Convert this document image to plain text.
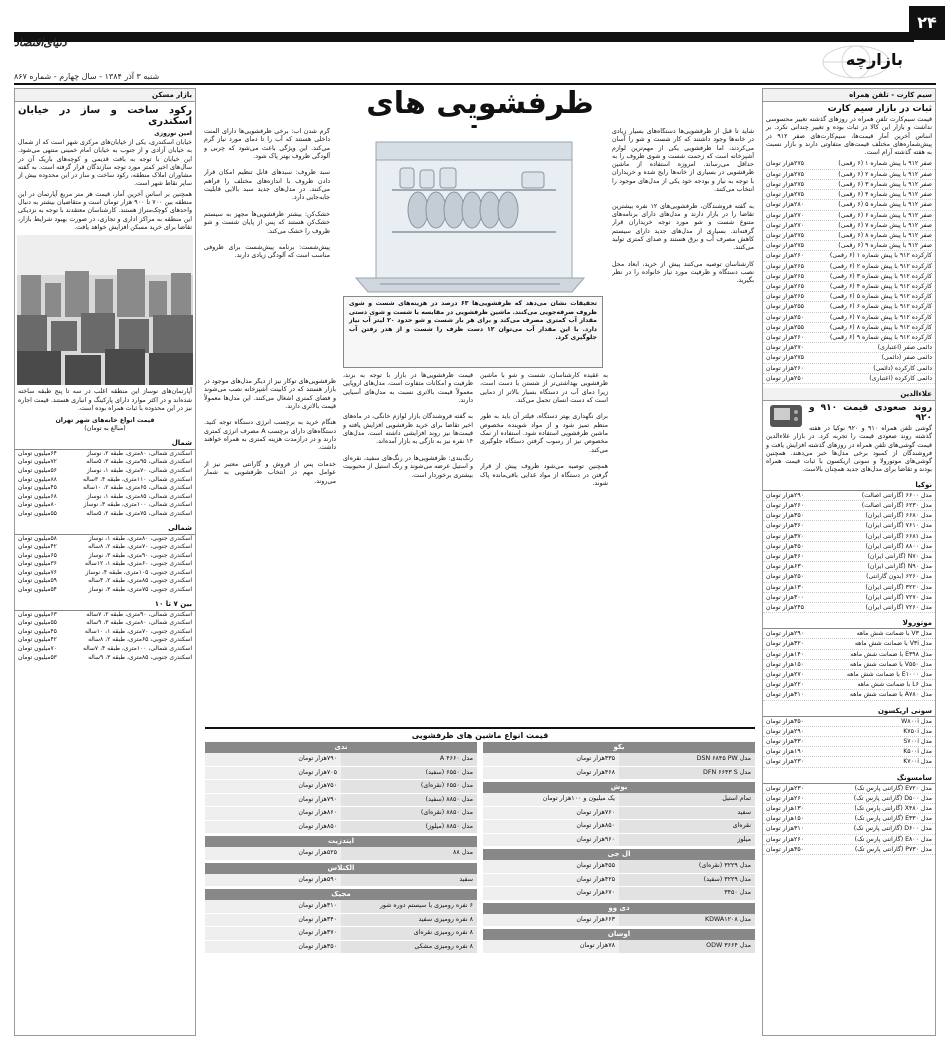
۲۴
دنیای‌اقتصاد
بازارچه
شنبه ۳ آذر ۱۳۸۴ - سال چهارم - شماره ۸۶۷
سیم کارت - تلفن همراه
ثبات در بازار سیم کارت

قیمت سیم‌کارت تلفن همراه در روزهای گذشته تغییر محسوسی نداشت و بازار این کالا در ثبات بوده و تغییر چندانی نکرد. بر اساس آخرین آمار قیمت‌ها، سیم‌کارت‌های صفر ۹۱۲ در پیش‌شماره‌های مختلف قیمت‌های متفاوتی دارند و بازار نسبت به هفته گذشته آرام است.

صفر ۹۱۲ با پیش شماره ۱ (۶ رقمی)
۲۷۵هزار تومان
صفر ۹۱۲ با پیش شماره ۲ (۶ رقمی)
۲۷۵هزار تومان
صفر ۹۱۲ با پیش شماره ۳ (۶ رقمی)
۲۷۵هزار تومان
صفر ۹۱۲ با پیش شماره ۴ (۶ رقمی)
۲۷۵هزار تومان
صفر ۹۱۲ با پیش شماره ۵ (۶ رقمی)
۲۸۰هزار تومان
صفر ۹۱۲ با پیش شماره ۶ (۶ رقمی)
۲۷۰هزار تومان
صفر ۹۱۲ با پیش شماره ۷ (۶ رقمی)
۲۷۰هزار تومان
صفر ۹۱۲ با پیش شماره ۸ (۶ رقمی)
۲۷۵هزار تومان
صفر ۹۱۲ با پیش شماره ۹ (۶ رقمی)
۲۷۵هزار تومان
کارکرده ۹۱۲ با پیش شماره ۱ (۶ رقمی)
۲۶۰هزار تومان
کارکرده ۹۱۲ با پیش شماره ۲ (۶ رقمی)
۲۶۵هزار تومان
کارکرده ۹۱۲ با پیش شماره ۳ (۶ رقمی)
۲۶۵هزار تومان
کارکرده ۹۱۲ با پیش شماره ۴ (۶ رقمی)
۲۶۵هزار تومان
کارکرده ۹۱۲ با پیش شماره ۵ (۶ رقمی)
۲۶۵هزار تومان
کارکرده ۹۱۲ با پیش شماره ۶ (۶ رقمی)
۲۵۵هزار تومان
کارکرده ۹۱۲ با پیش شماره ۷ (۶ رقمی)
۲۵۰هزار تومان
کارکرده ۹۱۲ با پیش شماره ۸ (۶ رقمی)
۲۵۵هزار تومان
کارکرده ۹۱۲ با پیش شماره ۹ (۶ رقمی)
۲۶۰هزار تومان
دائمی صفر (اعتباری)
۲۷۰هزار تومان
دائمی صفر (دائمی)
۲۷۵هزار تومان
دائمی کارکرده (دائمی)
۲۶۰هزار تومان
دائمی کارکرده (اعتباری)
۲۵۰هزار تومان
علاءالدین
روند صعودی قیمت ۹۱۰ و ۹۲۰

گوشی تلفن همراه ۹۱۰ و ۹۲۰ نوکیا در هفته گذشته روند صعودی قیمت را تجربه کرد. در بازار علاءالدین قیمت گوشی‌های تلفن همراه در روزهای گذشته افزایش یافت و فروشندگان از کمبود برخی مدل‌ها خبر می‌دهند. همچنین گوشی‌های موتورولا و سونی اریکسون با ثبات قیمت همراه بودند و تقاضا برای مدل‌های جدید همچنان بالاست.

نوکیا
مدل ۶۶۰۰ (گارانتی اصالت)
۲۹۰هزار تومان
مدل ۶۲۳۰ (گارانتی اصالت)
۲۶۰هزار تومان
مدل ۶۶۸۰ (گارانتی ایران)
۳۵۰هزار تومان
مدل ۷۶۱۰ (گارانتی ایران)
۳۶۰هزار تومان
مدل ۶۶۸۱ (گارانتی ایران)
۳۷۰هزار تومان
مدل ۸۸۰۰ (گارانتی ایران)
۴۵۰هزار تومان
مدل N۷۰ (گارانتی ایران)
۴۶۰هزار تومان
مدل N۹۰ (گارانتی ایران)
۶۳۰هزار تومان
مدل ۶۲۶۰ (بدون گارانتی)
۲۵۰هزار تومان
مدل ۳۲۲۰ (گارانتی ایران)
۱۳۰هزار تومان
مدل ۷۲۷۰ (گارانتی ایران)
۳۰۰هزار تومان
مدل ۷۲۶۰ (گارانتی ایران)
۲۴۵هزار تومان
موتورولا
مدل V۳ با ضمانت شش ماهه
۲۹۰هزار تومان
مدل V۳i با ضمانت شش ماهه
۳۲۰هزار تومان
مدل E۳۹۸ با ضمانت شش ماهه
۱۴۰هزار تومان
مدل V۵۵۰ با ضمانت شش ماهه
۱۵۰هزار تومان
مدل E۱۰۰۰ با ضمانت شش ماهه
۲۷۰هزار تومان
مدل L۶ با ضمانت شش ماهه
۲۲۰هزار تومان
مدل A۷۸۰ با ضمانت شش ماهه
۳۱۰هزار تومان
سونی اریکسون
مدل W۸۰۰i
۳۵۰هزار تومان
مدل K۷۵۰i
۲۹۰هزار تومان
مدل S۷۰۰i
۳۳۰هزار تومان
مدل K۵۰۰i
۱۹۰هزار تومان
مدل K۷۰۰i
۲۳۰هزار تومان
سامسونگ
مدل E۷۲۰ (گارانتی پارس تک)
۲۳۰هزار تومان
مدل D۵۰۰ (گارانتی پارس تک)
۲۶۰هزار تومان
مدل X۴۸۰ (گارانتی پارس تک)
۱۳۰هزار تومان
مدل E۳۳۰ (گارانتی پارس تک)
۱۵۰هزار تومان
مدل D۶۰۰ (گارانتی پارس تک)
۳۱۰هزار تومان
مدل E۸۰۰ (گارانتی پارس تک)
۲۶۰هزار تومان
مدل P۷۳۰ (گارانتی پارس تک)
۳۵۰هزار تومان
بازار مسکن
رکود ساخت و ساز در خیابان اسکندری
امین نوروزی

خیابان اسکندری، یکی از خیابان‌های مرکزی شهر است که از شمال به خیابان آزادی و از جنوب به خیابان امام خمینی منتهی می‌شود. این خیابان با توجه به بافت قدیمی و کوچه‌های باریک آن در سال‌های اخیر کمتر مورد توجه سازندگان قرار گرفته است. به گفته مشاوران املاک منطقه، رکود ساخت و ساز در این محدوده بیش از سایر نقاط شهر است.

همچنین بر اساس آخرین آمار، قیمت هر متر مربع آپارتمان در این منطقه بین ۷۰۰ تا ۹۰۰ هزار تومان است و متقاضیان بیشتر به دنبال واحدهای کوچک‌متراژ هستند. کارشناسان معتقدند با توجه به نزدیکی این منطقه به مراکز اداری و تجاری، در صورت بهبود شرایط بازار، تقاضا برای خرید مسکن افزایش خواهد یافت.

آپارتمان‌های نوساز این منطقه اغلب در سه تا پنج طبقه ساخته شده‌اند و در اکثر موارد دارای پارکینگ و انباری هستند. قیمت اجاره نیز در این محدوده با ثبات همراه بوده است.

قیمت انواع خانه‌های شهر تهران
(مبالغ به تومان)
شمال
اسکندری شمالی، ۸۰متری، طبقه ۲، نوساز
۶۴میلیون تومان
اسکندری شمالی، ۹۵متری، طبقه ۳، ۵ساله
۷۲میلیون تومان
اسکندری شمالی، ۷۰متری، طبقه ۱، نوساز
۵۶میلیون تومان
اسکندری شمالی، ۱۱۰متری، طبقه ۴، ۳ساله
۸۸میلیون تومان
اسکندری شمالی، ۶۵متری، طبقه ۲، ۱۰ساله
۴۵میلیون تومان
اسکندری شمالی، ۸۵متری، طبقه ۱، نوساز
۶۸میلیون تومان
اسکندری شمالی، ۱۰۰متری، طبقه ۳، نوساز
۸۰میلیون تومان
اسکندری شمالی، ۷۵متری، طبقه ۲، ۵ساله
۵۵میلیون تومان
شمالی
اسکندری جنوبی، ۸۰متری، طبقه ۱، نوساز
۵۸میلیون تومان
اسکندری جنوبی، ۷۰متری، طبقه ۲، ۸ساله
۴۲میلیون تومان
اسکندری جنوبی، ۹۰متری، طبقه ۳، نوساز
۶۵میلیون تومان
اسکندری جنوبی، ۶۰متری، طبقه ۱، ۱۲ساله
۳۶میلیون تومان
اسکندری جنوبی، ۱۰۵متری، طبقه ۴، نوساز
۷۶میلیون تومان
اسکندری جنوبی، ۸۵متری، طبقه ۲، ۴ساله
۵۹میلیون تومان
اسکندری جنوبی، ۷۵متری، طبقه ۳، نوساز
۵۴میلیون تومان
بین ۷ تا ۱۰
اسکندری شمالی، ۹۰متری، طبقه ۲، ۷ساله
۶۳میلیون تومان
اسکندری شمالی، ۸۰متری، طبقه ۳، ۹ساله
۵۵میلیون تومان
اسکندری جنوبی، ۷۰متری، طبقه ۱، ۱۰ساله
۴۵میلیون تومان
اسکندری جنوبی، ۶۵متری، طبقه ۲، ۸ساله
۴۲میلیون تومان
اسکندری شمالی، ۱۰۰متری، طبقه ۴، ۷ساله
۷۰میلیون تومان
اسکندری جنوبی، ۸۵متری، طبقه ۳، ۹ساله
۵۳میلیون تومان
ظرفشویی های
تحقیقات نشان می‌دهد که ظرفشویی‌ها ۶۳ درصد در هزینه‌های شست و شوی ظروف صرفه‌جویی می‌کنند. ماشین ظرفشویی در مقایسه با شست و شوی دستی مقدار آب کمتری مصرف می‌کند و برای هر بار شست و شو حدود ۲۰ لیتر آب نیاز دارد. با این مقدار آب می‌توان ۱۲ دست ظرف را شست و از هدر رفتن آب جلوگیری کرد.
شاید تا قبل از ظرفشویی‌ها دستگاه‌های بسیار زیادی در خانه‌ها وجود داشتند که کار شست و شو را آسان می‌کردند، اما ظرفشویی یکی از مهم‌ترین لوازم آشپزخانه است که زحمت شست و شوی ظروف را به حداقل می‌رساند. امروزه استفاده از ماشین ظرفشویی در بسیاری از خانه‌ها رایج شده و خریداران با توجه به نیاز و بودجه خود یکی از مدل‌های موجود را انتخاب می‌کنند.

به گفته فروشندگان، ظرفشویی‌های ۱۲ نفره بیشترین تقاضا را در بازار دارند و مدل‌های دارای برنامه‌های متنوع شست و شو مورد توجه خریداران قرار گرفته‌اند. بسیاری از مدل‌های جدید دارای سیستم کاهش مصرف آب و برق هستند و صدای کمتری تولید می‌کنند.

کارشناسان توصیه می‌کنند پیش از خرید، ابعاد محل نصب دستگاه و ظرفیت مورد نیاز خانواده را در نظر بگیرید.
گرم شدن آب: برخی ظرفشویی‌ها دارای المنت داخلی هستند که آب را تا دمای مورد نیاز گرم می‌کند. این ویژگی باعث می‌شود که چربی و آلودگی ظروف بهتر پاک شود.

سبد ظروف: سبدهای قابل تنظیم امکان قرار دادن ظروف با اندازه‌های مختلف را فراهم می‌کنند. در مدل‌های جدید سبد بالایی قابلیت جابه‌جایی دارد.

خشک‌کن: بیشتر ظرفشویی‌ها مجهز به سیستم خشک‌کن هستند که پس از پایان شست و شو ظروف را خشک می‌کند.

پیش‌شست: برنامه پیش‌شست برای ظروفی مناسب است که آلودگی زیادی دارند.
به عقیده کارشناسان، شست و شو با ماشین ظرفشویی بهداشتی‌تر از شستن با دست است، زیرا دمای آب در دستگاه بسیار بالاتر از دمایی است که دست انسان تحمل می‌کند.

برای نگهداری بهتر دستگاه، فیلتر آن باید به طور منظم تمیز شود و از مواد شوینده مخصوص ماشین ظرفشویی استفاده شود. استفاده از نمک مخصوص نیز از رسوب گرفتن دستگاه جلوگیری می‌کند.

همچنین توصیه می‌شود ظروف پیش از قرار گرفتن در دستگاه از مواد غذایی باقی‌مانده پاک شوند.
قیمت ظرفشویی‌ها در بازار با توجه به برند، ظرفیت و امکانات متفاوت است. مدل‌های اروپایی معمولاً قیمت بالاتری نسبت به مدل‌های آسیایی دارند.

به گفته فروشندگان بازار لوازم خانگی، در ماه‌های اخیر تقاضا برای خرید ظرفشویی افزایش یافته و قیمت‌ها نیز روند افزایشی داشته است. مدل‌های ۱۴ نفره نیز به تازگی به بازار آمده‌اند.

رنگ‌بندی: ظرفشویی‌ها در رنگ‌های سفید، نقره‌ای و استیل عرضه می‌شوند و رنگ استیل از محبوبیت بیشتری برخوردار است.
ظرفشویی‌های توکار نیز از دیگر مدل‌های موجود در بازار هستند که در کابینت آشپزخانه نصب می‌شوند و فضای کمتری اشغال می‌کنند. این مدل‌ها معمولاً قیمت بالاتری دارند.

هنگام خرید به برچسب انرژی دستگاه توجه کنید. دستگاه‌های دارای برچسب A مصرف انرژی کمتری دارند و در درازمدت هزینه کمتری به همراه خواهند داشت.

خدمات پس از فروش و گارانتی معتبر نیز از عوامل مهم در انتخاب ظرفشویی به شمار می‌روند.
قیمت انواع ماشین های ظرفشویی
بکو
مدل DSN ۶۸۴۵ PW
۳۳۵هزار تومان
مدل DFN ۶۶۴۳ S
۴۶۸هزار تومان
بوش
تمام استیل
یک میلیون و ۱۰۰هزار تومان
سفید
۷۶۰هزار تومان
نقره‌ای
۸۵۰هزار تومان
میلوز
۹۶۰هزار تومان
ال جی
مدل ۳۲۲۹ (نقره‌ای)
۴۵۵هزار تومان
مدل ۳۲۲۹ (سفید)
۴۲۵هزار تومان
مدل ۳۴۵۰
۶۷۰هزار تومان
دی وو
مدل KDWA۱۲۰۸
۶۶۳هزار تومان
اوسان
مدل ODW ۳۶۶۴
۷۸هزار تومان
ندی
مدل ۴۶۶۰ A
۷۹۰هزار تومان
مدل ۶۵۵۰ (سفید)
۷۰۵هزار تومان
مدل ۶۵۵۰ (نقره‌ای)
۷۵۰هزار تومان
مدل ۸۸۵۰ (سفید)
۷۹۰هزار تومان
مدل ۸۸۵۰ (نقره‌ای)
۸۶۰هزار تومان
مدل ۸۸۵۰ (میلوز)
۸۵۰هزار تومان
ایندزیت
مدل ۸۸
۵۲۵هزار تومان
الکتلاس
سفید
۵۹۰هزار تومان
مجیک
۶ نفره رومیزی با سیستم دوره شور
۳۱۰هزار تومان
۸ نفره رومیزی سفید
۳۴۰هزار تومان
۸ نفره رومیزی نقره‌ای
۳۷۰هزار تومان
۸ نفره رومیزی مشکی
۳۵۰هزار تومان
